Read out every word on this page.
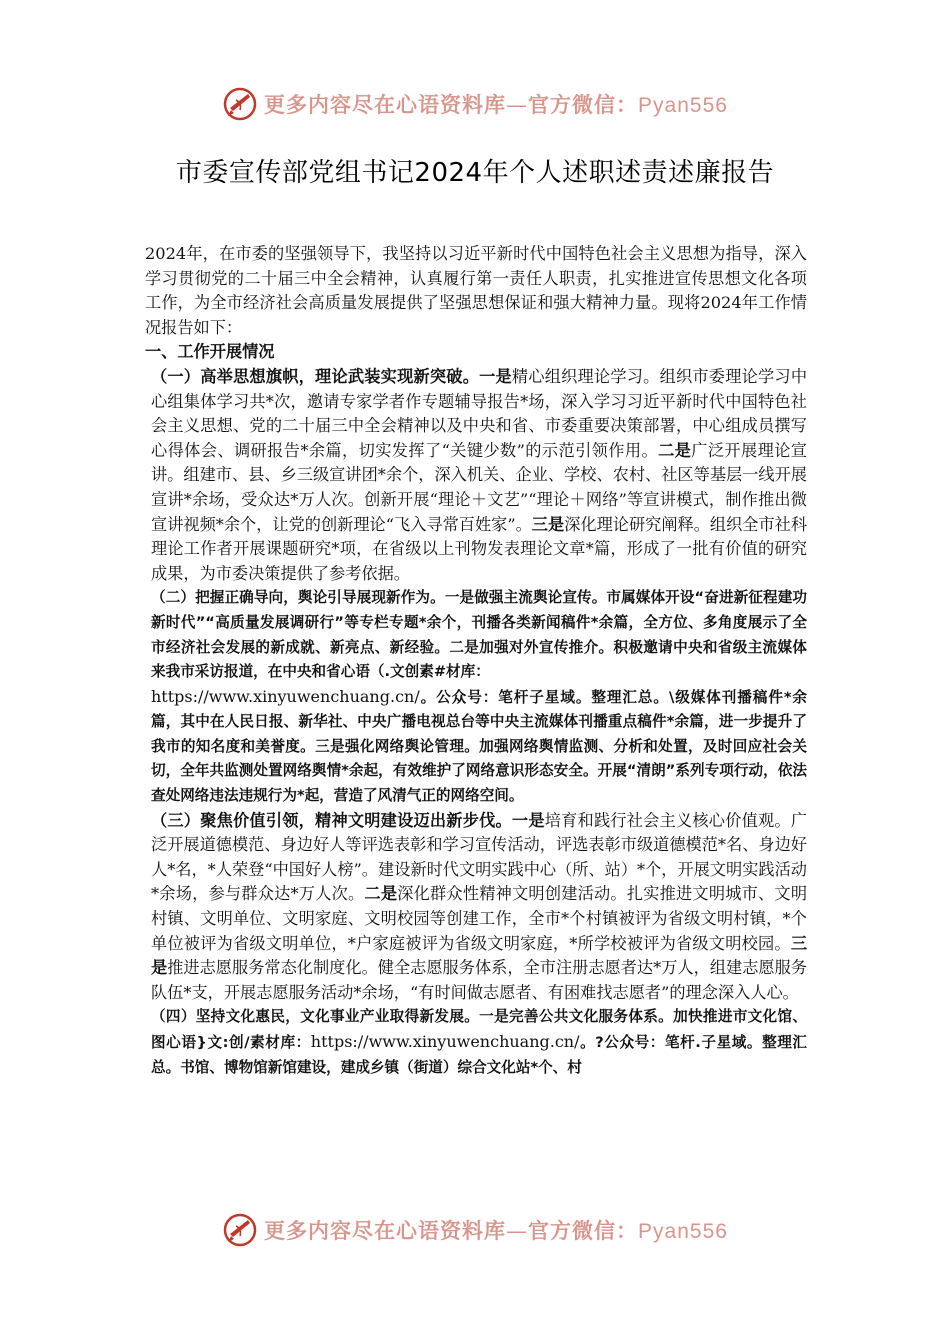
更多内容尽在心语资料库—官方微信：Pyan556
市委宣传部党组书记2024年个人述职述责述廉报告

2024年，在市委的坚强领导下，我坚持以习近平新时代中国特色社会主义思想为指导，深入学习贯彻党的二十届三中全会精神，认真履行第一责任人职责，扎实推进宣传思想文化各项工作，为全市经济社会高质量发展提供了坚强思想保证和强大精神力量。现将2024年工作情况报告如下：

一、工作开展情况

（一）高举思想旗帜，理论武装实现新突破。一是精心组织理论学习。组织市委理论学习中心组集体学习共*次，邀请专家学者作专题辅导报告*场，深入学习习近平新时代中国特色社会主义思想、党的二十届三中全会精神以及中央和省、市委重要决策部署，中心组成员撰写心得体会、调研报告*余篇，切实发挥了“关键少数”的示范引领作用。二是广泛开展理论宣讲。组建市、县、乡三级宣讲团*余个，深入机关、企业、学校、农村、社区等基层一线开展宣讲*余场，受众达*万人次。创新开展“理论＋文艺”“理论＋网络”等宣讲模式，制作推出微宣讲视频*余个，让党的创新理论“飞入寻常百姓家”。三是深化理论研究阐释。组织全市社科理论工作者开展课题研究*项，在省级以上刊物发表理论文章*篇，形成了一批有价值的研究成果，为市委决策提供了参考依据。

（二）把握正确导向，舆论引导展现新作为。一是做强主流舆论宣传。市属媒体开设“奋进新征程建功新时代”“高质量发展调研行”等专栏专题*余个，刊播各类新闻稿件*余篇，全方位、多角度展示了全市经济社会发展的新成就、新亮点、新经验。二是加强对外宣传推介。积极邀请中央和省级主流媒体来我市采访报道，在中央和省心语（.文创素#材库：
https://www.xinyuwenchuang.cn/。公众号：笔杆子星域。整理汇总。\级媒体刊播稿件*余篇，其中在人民日报、新华社、中央广播电视总台等中央主流媒体刊播重点稿件*余篇，进一步提升了我市的知名度和美誉度。三是强化网络舆论管理。加强网络舆情监测、分析和处置，及时回应社会关切，全年共监测处置网络舆情*余起，有效维护了网络意识形态安全。开展“清朗”系列专项行动，依法查处网络违法违规行为*起，营造了风清气正的网络空间。

（三）聚焦价值引领，精神文明建设迈出新步伐。一是培育和践行社会主义核心价值观。广泛开展道德模范、身边好人等评选表彰和学习宣传活动，评选表彰市级道德模范*名、身边好人*名，*人荣登“中国好人榜”。建设新时代文明实践中心（所、站）*个，开展文明实践活动*余场，参与群众达*万人次。二是深化群众性精神文明创建活动。扎实推进文明城市、文明村镇、文明单位、文明家庭、文明校园等创建工作，全市*个村镇被评为省级文明村镇，*个单位被评为省级文明单位，*户家庭被评为省级文明家庭，*所学校被评为省级文明校园。三是推进志愿服务常态化制度化。健全志愿服务体系，全市注册志愿者达*万人，组建志愿服务队伍*支，开展志愿服务活动*余场，“有时间做志愿者、有困难找志愿者”的理念深入人心。

（四）坚持文化惠民，文化事业产业取得新发展。一是完善公共文化服务体系。加快推进市文化馆、图心语}文:创/素材库：https://www.xinyuwenchuang.cn/。?公众号：笔杆.子星域。整理汇总。书馆、博物馆新馆建设，建成乡镇（街道）综合文化站*个、村

更多内容尽在心语资料库—官方微信：Pyan556
